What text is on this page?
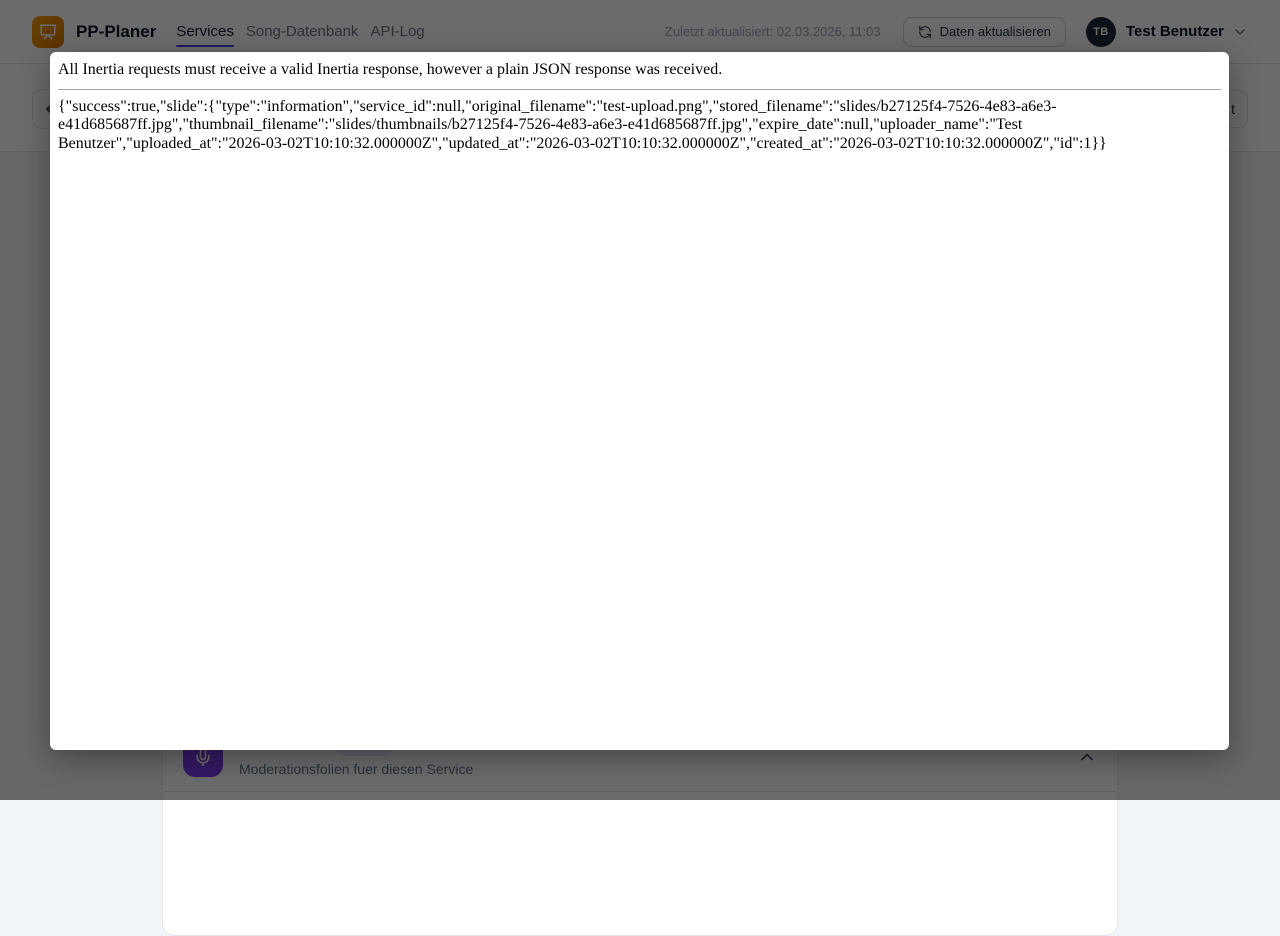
All Inertia requests must receive a valid Inertia response, however a plain JSON response was received.

{"success":true,"slide":{"type":"information","service_id":null,"original_filename":"test-upload.png","stored_filename":"slides/b27125f4-7526-4e83-a6e3-e41d685687ff.jpg","thumbnail_filename":"slides/thumbnails/b27125f4-7526-4e83-a6e3-e41d685687ff.jpg","expire_date":null,"uploader_name":"Test Benutzer","uploaded_at":"2026-03-02T10:10:32.000000Z","updated_at":"2026-03-02T10:10:32.000000Z","created_at":"2026-03-02T10:10:32.000000Z","id":1}}
